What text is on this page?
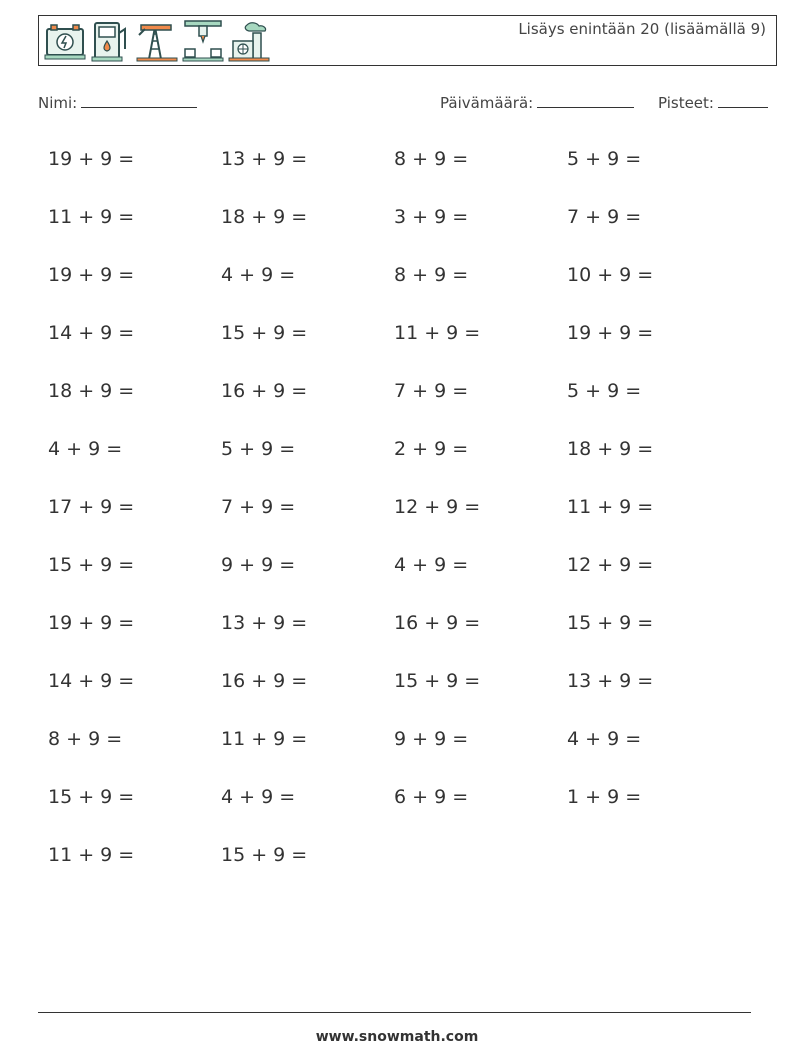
Lisäys enintään 20 (lisäämällä 9)
Nimi:	Päivämäärä:	Pisteet:
19 + 9 =	13 + 9 =	8 + 9 =	5 + 9 =
11 + 9 =	18 + 9 =	3 + 9 =	7 + 9 =
19 + 9 =	4 + 9 =	8 + 9 =	10 + 9 =
14 + 9 =	15 + 9 =	11 + 9 =	19 + 9 =
18 + 9 =	16 + 9 =	7 + 9 =	5 + 9 =
4 + 9 =	5 + 9 =	2 + 9 =	18 + 9 =
17 + 9 =	7 + 9 =	12 + 9 =	11 + 9 =
15 + 9 =	9 + 9 =	4 + 9 =	12 + 9 =
19 + 9 =	13 + 9 =	16 + 9 =	15 + 9 =
14 + 9 =	16 + 9 =	15 + 9 =	13 + 9 =
8 + 9 =	11 + 9 =	9 + 9 =	4 + 9 =
15 + 9 =	4 + 9 =	6 + 9 =	1 + 9 =
11 + 9 =	15 + 9 =
www.snowmath.com
